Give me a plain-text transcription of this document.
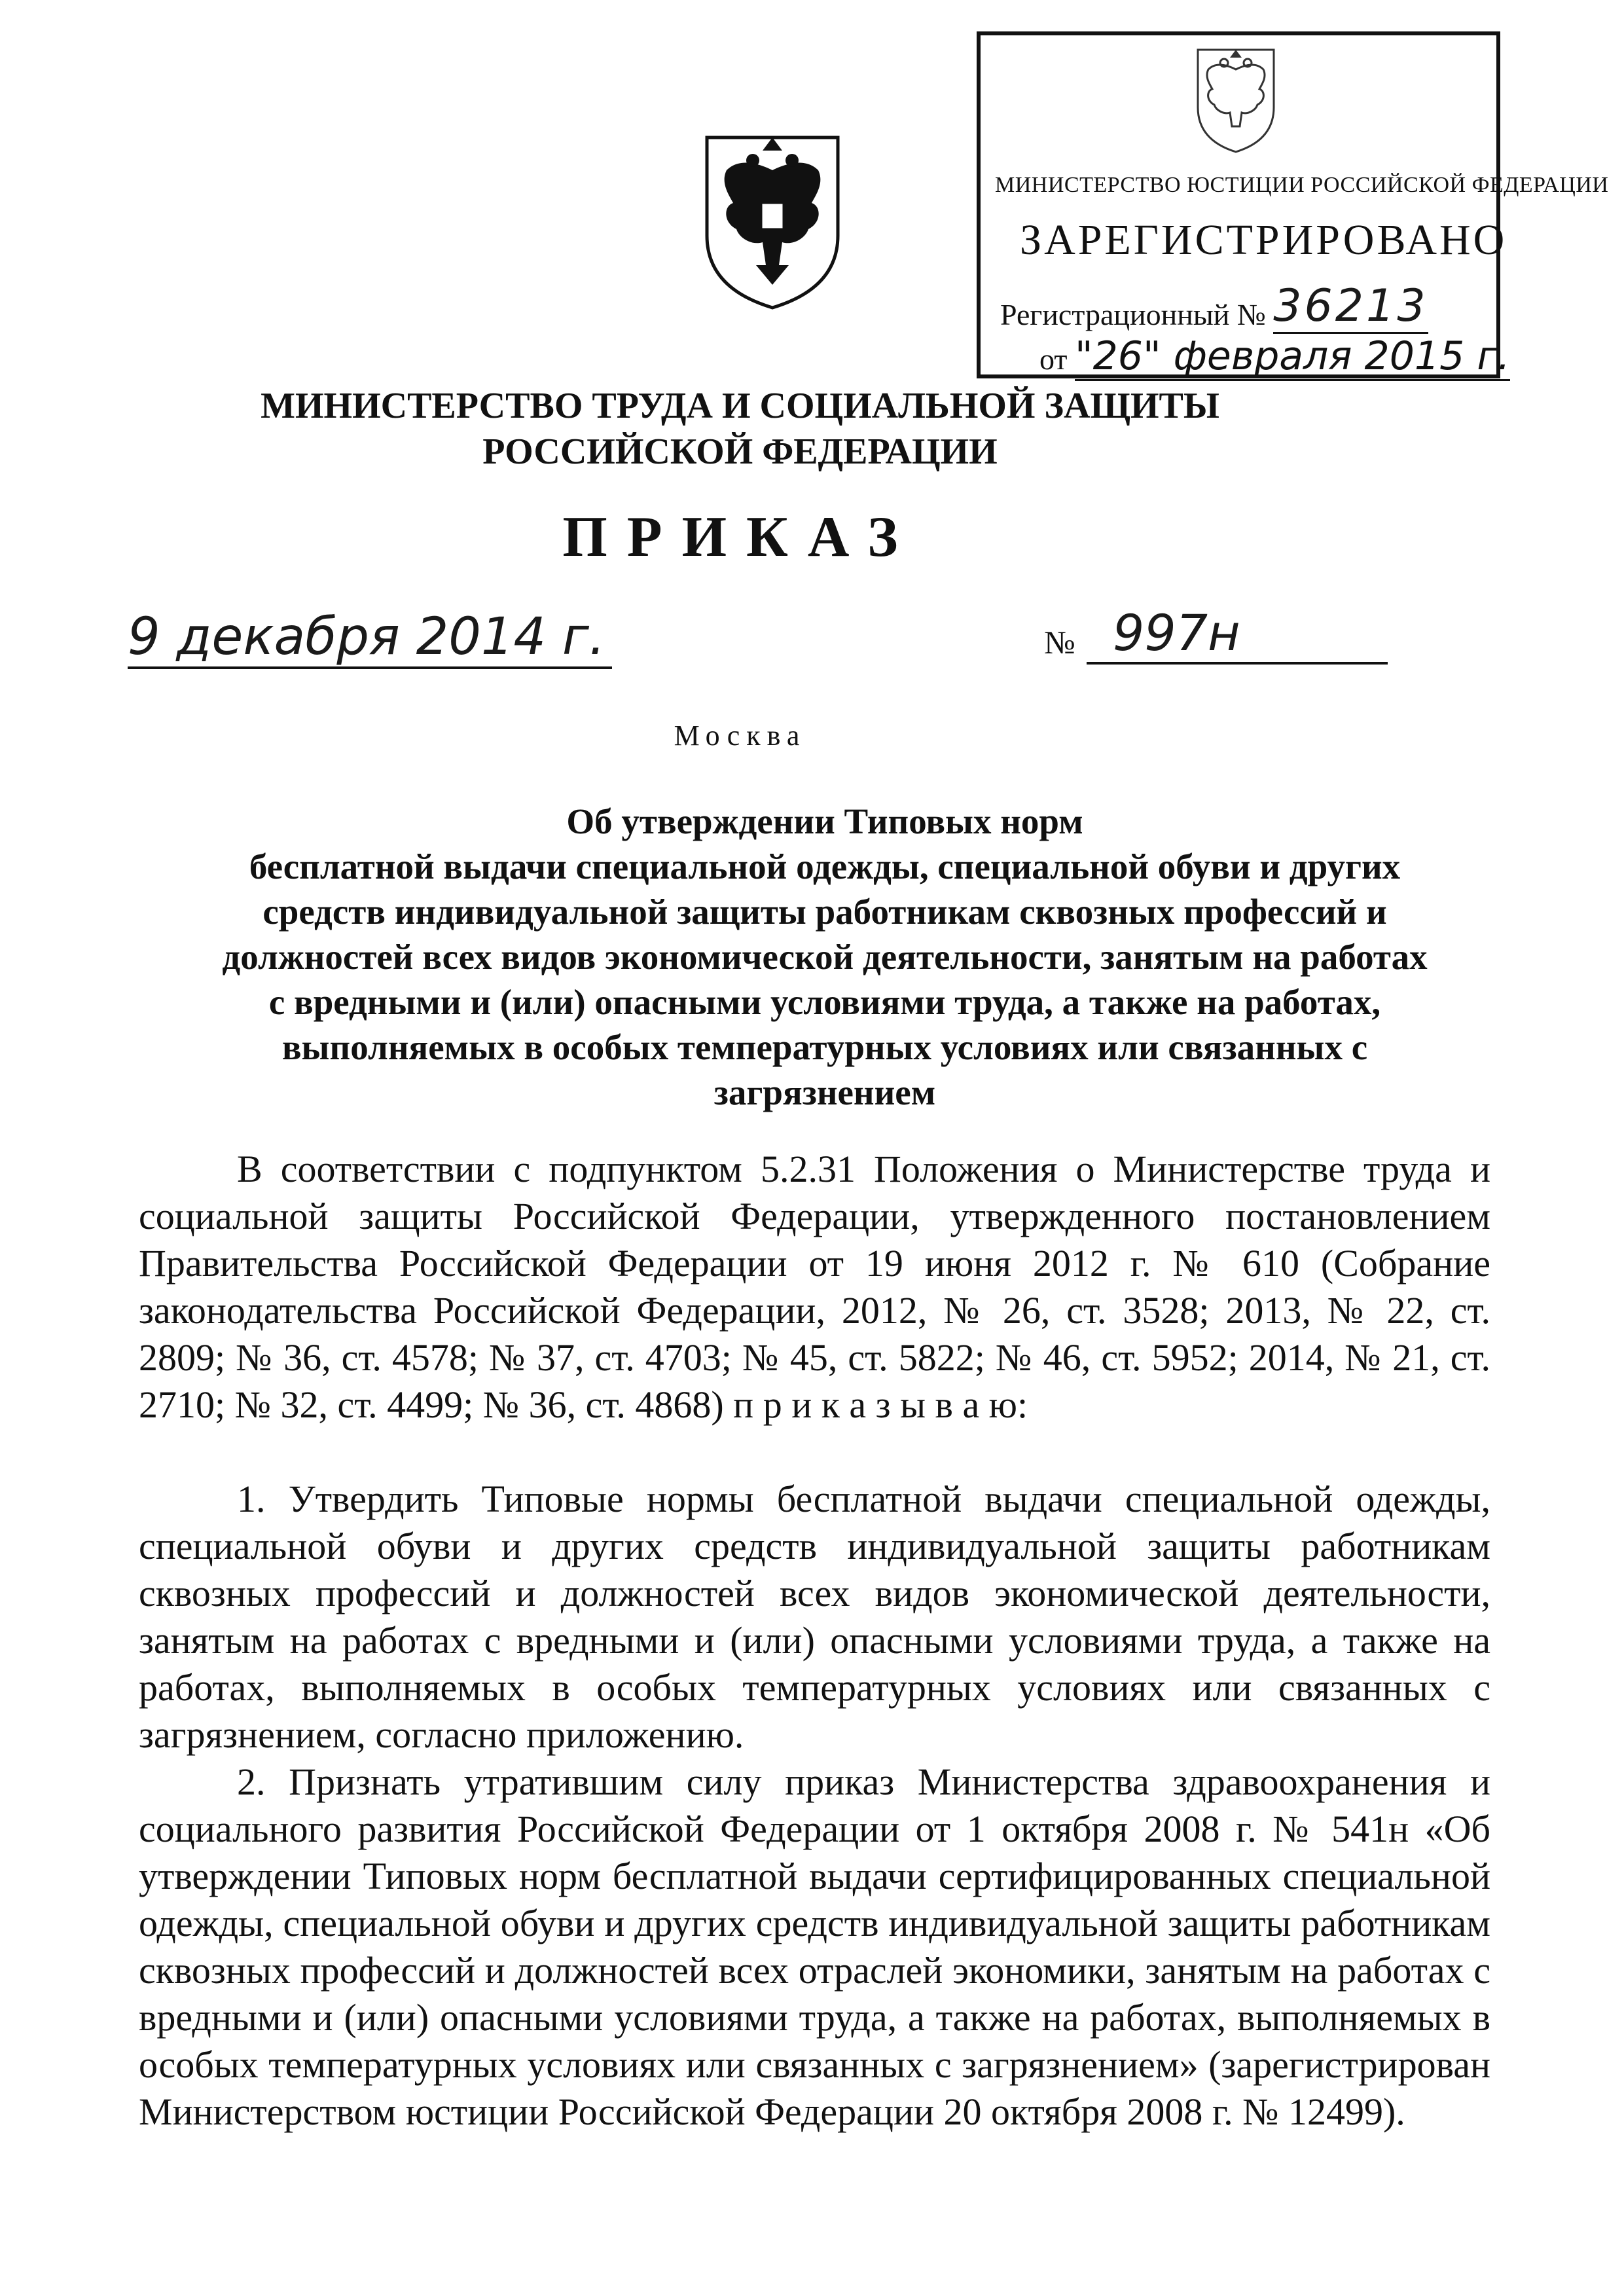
МИНИСТЕРСТВО ЮСТИЦИИ РОССИЙСКОЙ ФЕДЕРАЦИИ
ЗАРЕГИСТРИРОВАНО
Регистрационный № 36213
от "26" февраля 2015 г.
МИНИСТЕРСТВО ТРУДА И СОЦИАЛЬНОЙ ЗАЩИТЫ
РОССИЙСКОЙ ФЕДЕРАЦИИ
ПРИКАЗ
9 декабря 2014 г.	№ 997н
Москва
Об утверждении Типовых норм
бесплатной выдачи специальной одежды, специальной обуви и других
средств индивидуальной защиты работникам сквозных профессий и
должностей всех видов экономической деятельности, занятым на работах
с вредными и (или) опасными условиями труда, а также на работах,
выполняемых в особых температурных условиях или связанных с
загрязнением

В соответствии с подпунктом 5.2.31 Положения о Министерстве труда и социальной защиты Российской Федерации, утвержденного постановлением Правительства Российской Федерации от 19 июня 2012 г. № 610 (Собрание законодательства Российской Федерации, 2012, № 26, ст. 3528; 2013, № 22, ст. 2809; № 36, ст. 4578; № 37, ст. 4703; № 45, ст. 5822; № 46, ст. 5952; 2014, № 21, ст. 2710; № 32, ст. 4499; № 36, ст. 4868) п р и к а з ы в а ю:

1. Утвердить Типовые нормы бесплатной выдачи специальной одежды, специальной обуви и других средств индивидуальной защиты работникам сквозных профессий и должностей всех видов экономической деятельности, занятым на работах с вредными и (или) опасными условиями труда, а также на работах, выполняемых в особых температурных условиях или связанных с загрязнением, согласно приложению.

2. Признать утратившим силу приказ Министерства здравоохранения и социального развития Российской Федерации от 1 октября 2008 г. № 541н «Об утверждении Типовых норм бесплатной выдачи сертифицированных специальной одежды, специальной обуви и других средств индивидуальной защиты работникам сквозных профессий и должностей всех отраслей экономики, занятым на работах с вредными и (или) опасными условиями труда, а также на работах, выполняемых в особых температурных условиях или связанных с загрязнением» (зарегистрирован Министерством юстиции Российской Федерации 20 октября 2008 г. № 12499).
